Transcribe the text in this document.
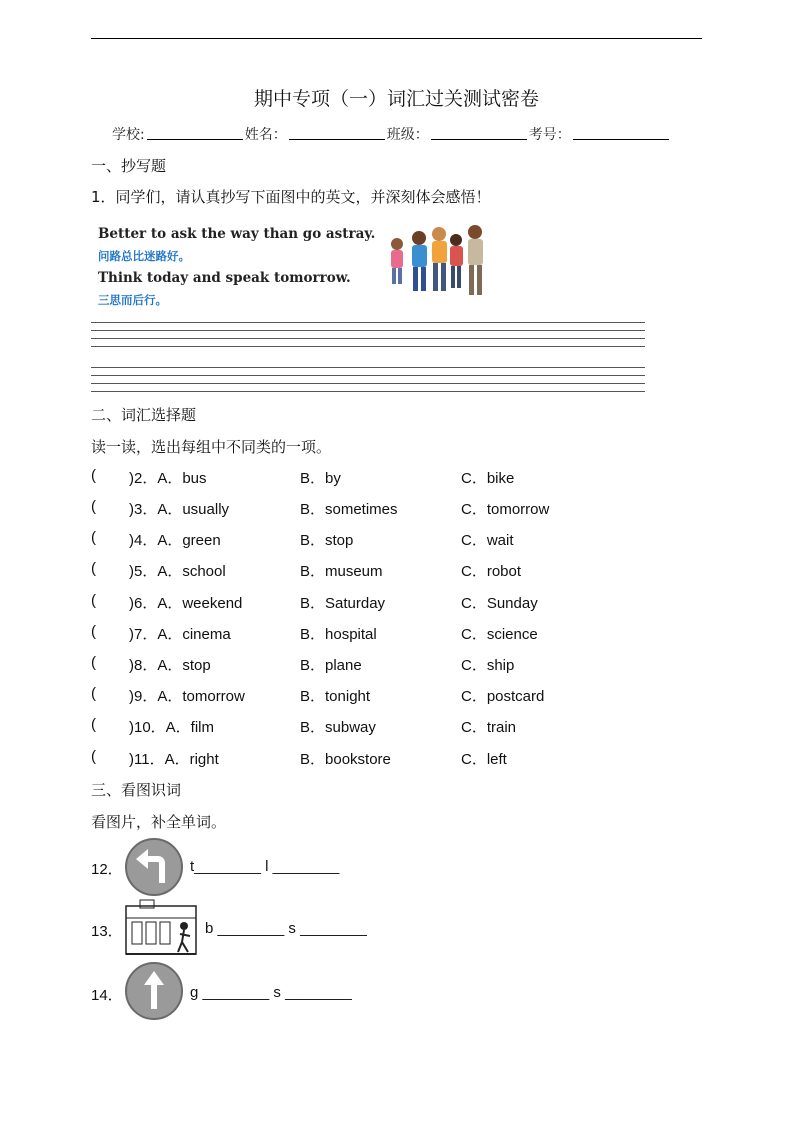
期中专项（一）词汇过关测试密卷
学校:	姓名：	班级：	考号：
一、抄写题
1．同学们，请认真抄写下面图中的英文，并深刻体会感悟！
Better to ask the way than go astray.
问路总比迷路好。
Think today and speak tomorrow.
三思而后行。
二、词汇选择题
读一读，选出每组中不同类的一项。
( )2．A．bus	B．by	C．bike
( )3．A．usually	B．sometimes	C．tomorrow
( )4．A．green	B．stop	C．wait
( )5．A．school	B．museum	C．robot
( )6．A．weekend	B．Saturday	C．Sunday
( )7．A．cinema	B．hospital	C．science
( )8．A．stop	B．plane	C．ship
( )9．A．tomorrow	B．tonight	C．postcard
( )10．A．film	B．subway	C．train
( )11．A．right	B．bookstore	C．left
三、看图识词
看图片，补全单词。
12．	t________ l ________
13．	b ________ s ________
14．	g ________ s ________
